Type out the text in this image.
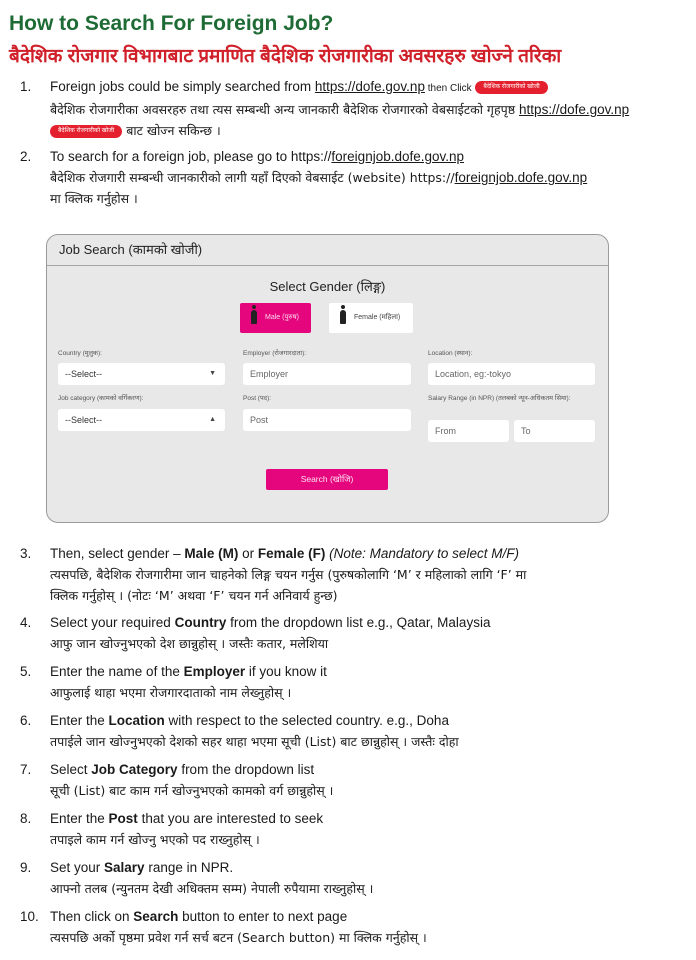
How to Search For Foreign Job?
बैदेशिक रोजगार विभागबाट प्रमाणित बैदेशिक रोजगारीका अवसरहरु खोज्ने तरिका
1. Foreign jobs could be simply searched from https://dofe.gov.np then Click बैदेशिक रोजगारीको खोजी
बैदेशिक रोजगारीका अवसरहरु तथा त्यस सम्बन्धी अन्य जानकारी बैदेशिक रोजगारको वेबसाईटको गृहपृष्ठ https://dofe.gov.np
बैदेशिक रोजगारीको खोजी बाट खोज्न सकिन्छ ।
2. To search for a foreign job, please go to https://foreignjob.dofe.gov.np
बैदेशिक रोजगारी सम्बन्धी जानकारीको लागी यहाँ दिएको वेबसाईट (website) https://foreignjob.dofe.gov.np
मा क्लिक गर्नुहोस ।
Job Search (कामको खोजी)
Select Gender (लिङ्ग)
Male (पुरुष)	Female (महिला)
Country (मुलुक):
--Select--	▼
Employer (रोजगारदाता):
Employer
Location (स्थान):
Location, eg:-tokyo
Job category (कामको वर्गिकरण):
--Select--	▲
Post (पद):
Post
Salary Range (in NPR) (तलबको न्यून-अधिकतम सिमा):
From	To
Search (खोजि)
3. Then, select gender – Male (M) or Female (F) (Note: Mandatory to select M/F)
त्यसपछि, बैदेशिक रोजगारीमा जान चाहनेको लिङ्ग चयन गर्नुस (पुरुषकोलागि ‘M’ र महिलाको लागि ‘F’ मा
क्लिक गर्नुहोस् । (नोटः ‘M’ अथवा ‘F’ चयन गर्न अनिवार्य हुन्छ)
4. Select your required Country from the dropdown list e.g., Qatar, Malaysia
आफु जान खोज्नुभएको देश छान्नुहोस् । जस्तैः कतार, मलेशिया
5. Enter the name of the Employer if you know it
आफुलाई थाहा भएमा रोजगारदाताको नाम लेख्नुहोस् ।
6. Enter the Location with respect to the selected country. e.g., Doha
तपाईले जान खोज्नुभएको देशको सहर थाहा भएमा सूची (List) बाट छान्नुहोस् । जस्तैः दोहा
7. Select Job Category from the dropdown list
सूची (List) बाट काम गर्न खोज्नुभएको कामको वर्ग छान्नुहोस् ।
8. Enter the Post that you are interested to seek
तपाइले काम गर्न खोज्नु भएको पद राख्नुहोस् ।
9. Set your Salary range in NPR.
आफ्नो तलब (न्युनतम देखी अधिक्तम सम्म) नेपाली रुपैयामा राख्नुहोस् ।
10. Then click on Search button to enter to next page
त्यसपछि अर्को पृष्ठमा प्रवेश गर्न सर्च बटन (Search button) मा क्लिक गर्नुहोस् ।
